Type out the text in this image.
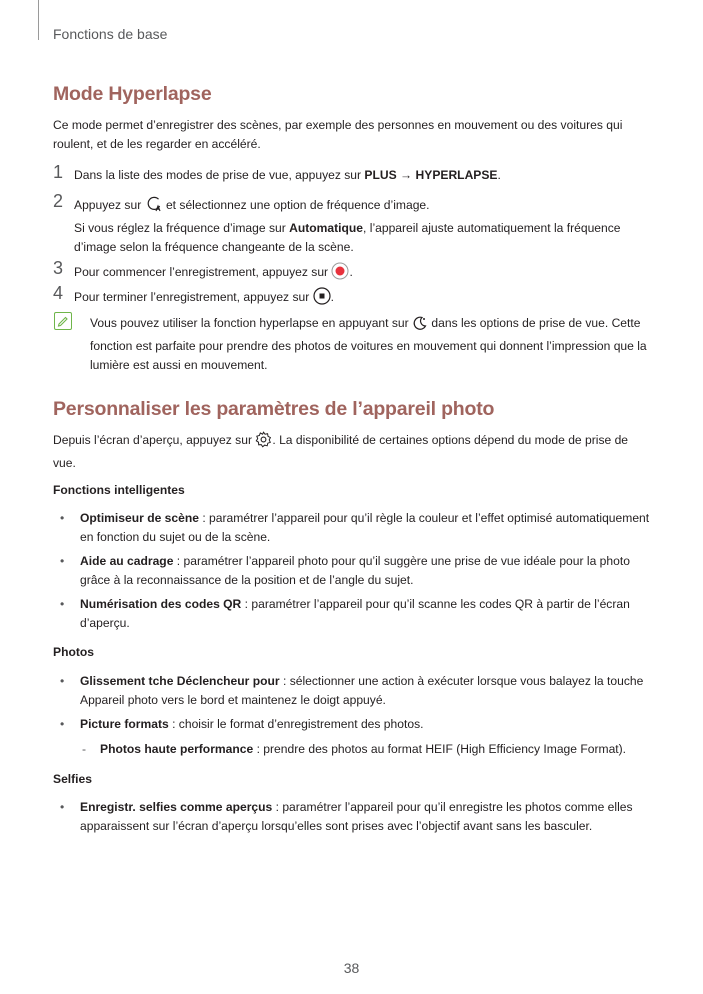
Fonctions de base
Mode Hyperlapse
Ce mode permet d’enregistrer des scènes, par exemple des personnes en mouvement ou des voitures qui roulent, et de les regarder en accéléré.
1 Dans la liste des modes de prise de vue, appuyez sur PLUS → HYPERLAPSE.
2 Appuyez sur  et sélectionnez une option de fréquence d’image.
Si vous réglez la fréquence d’image sur Automatique, l’appareil ajuste automatiquement la fréquence d’image selon la fréquence changeante de la scène.
3 Pour commencer l’enregistrement, appuyez sur .
4 Pour terminer l’enregistrement, appuyez sur .
Vous pouvez utiliser la fonction hyperlapse en appuyant sur  dans les options de prise de vue. Cette fonction est parfaite pour prendre des photos de voitures en mouvement qui donnent l’impression que la lumière est aussi en mouvement.
Personnaliser les paramètres de l’appareil photo
Depuis l’écran d’aperçu, appuyez sur . La disponibilité de certaines options dépend du mode de prise de vue.
Fonctions intelligentes
• Optimiseur de scène : paramétrer l’appareil pour qu’il règle la couleur et l’effet optimisé automatiquement en fonction du sujet ou de la scène.
• Aide au cadrage : paramétrer l’appareil photo pour qu’il suggère une prise de vue idéale pour la photo grâce à la reconnaissance de la position et de l’angle du sujet.
• Numérisation des codes QR : paramétrer l’appareil pour qu’il scanne les codes QR à partir de l’écran d’aperçu.
Photos
• Glissement tche Déclencheur pour : sélectionner une action à exécuter lorsque vous balayez la touche Appareil photo vers le bord et maintenez le doigt appuyé.
• Picture formats : choisir le format d’enregistrement des photos.
- Photos haute performance : prendre des photos au format HEIF (High Efficiency Image Format).
Selfies
• Enregistr. selfies comme aperçus : paramétrer l’appareil pour qu’il enregistre les photos comme elles apparaissent sur l’écran d’aperçu lorsqu’elles sont prises avec l’objectif avant sans les basculer.
38
